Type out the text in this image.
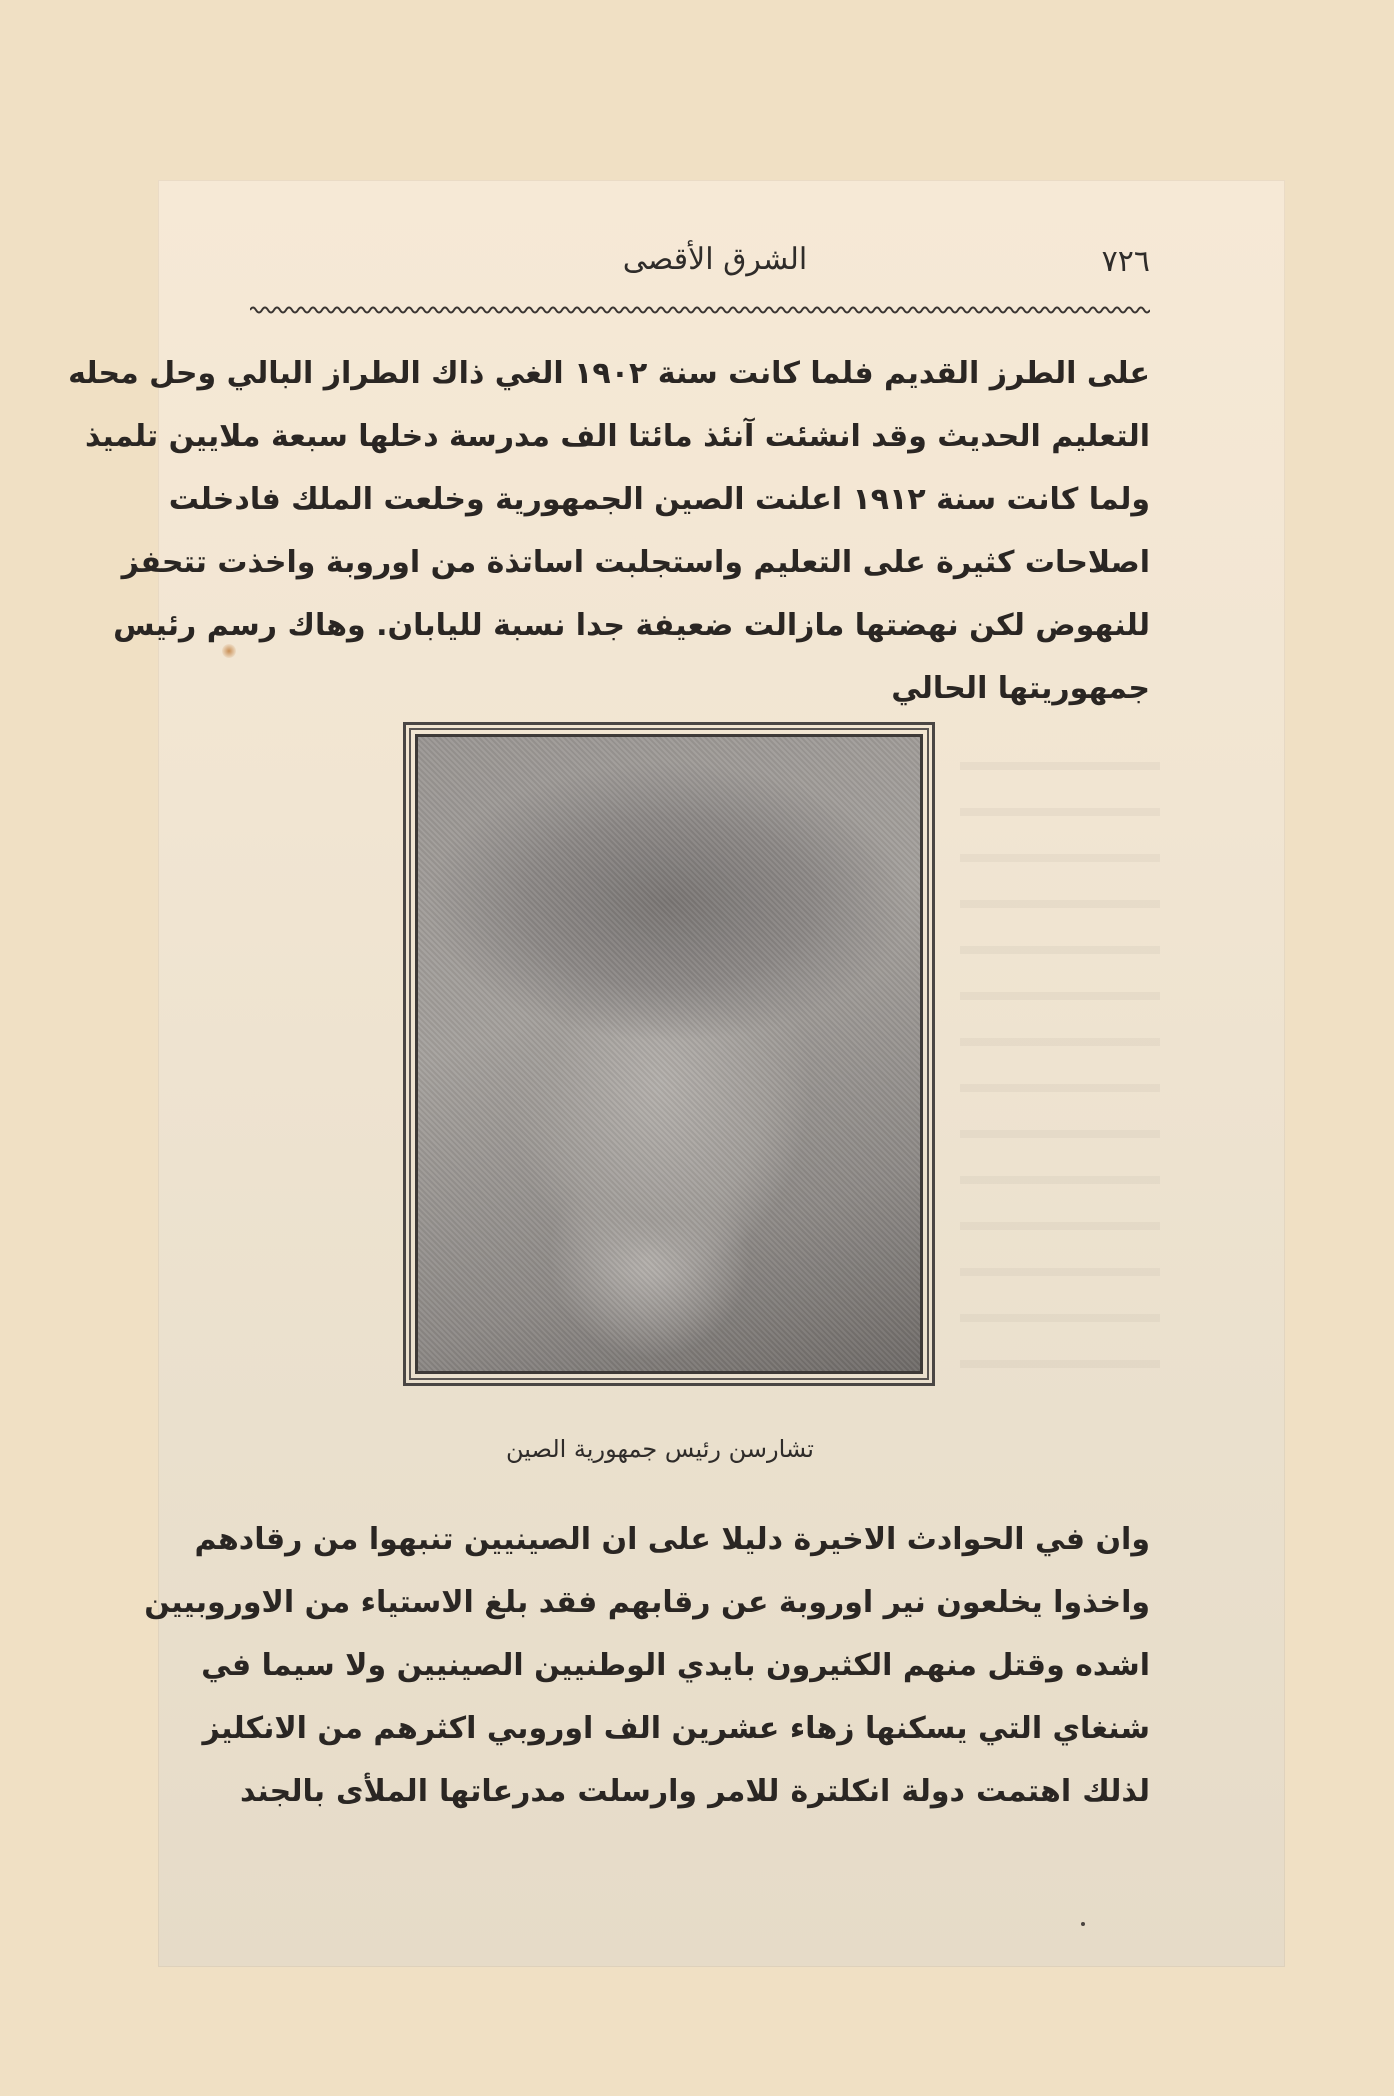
٧٢٦
الشرق الأقصى
على الطرز القديم فلما كانت سنة ١٩٠٢ الغي ذاك الطراز البالي وحل محله
التعليم الحديث وقد انشئت آنئذ مائتا الف مدرسة دخلها سبعة ملايين تلميذ
ولما كانت سنة ١٩١٢ اعلنت الصين الجمهورية وخلعت الملك فادخلت
اصلاحات كثيرة على التعليم واستجلبت اساتذة من اوروبة واخذت تتحفز
للنهوض لكن نهضتها مازالت ضعيفة جدا نسبة لليابان. وهاك رسم رئيس
جمهوريتها الحالي
تشارسن رئيس جمهورية الصين
وان في الحوادث الاخيرة دليلا على ان الصينيين تنبهوا من رقادهم
واخذوا يخلعون نير اوروبة عن رقابهم فقد بلغ الاستياء من الاوروبيين
اشده وقتل منهم الكثيرون بايدي الوطنيين الصينيين ولا سيما في
شنغاي التي يسكنها زهاء عشرين الف اوروبي اكثرهم من الانكليز
لذلك اهتمت دولة انكلترة للامر وارسلت مدرعاتها الملأى بالجند
